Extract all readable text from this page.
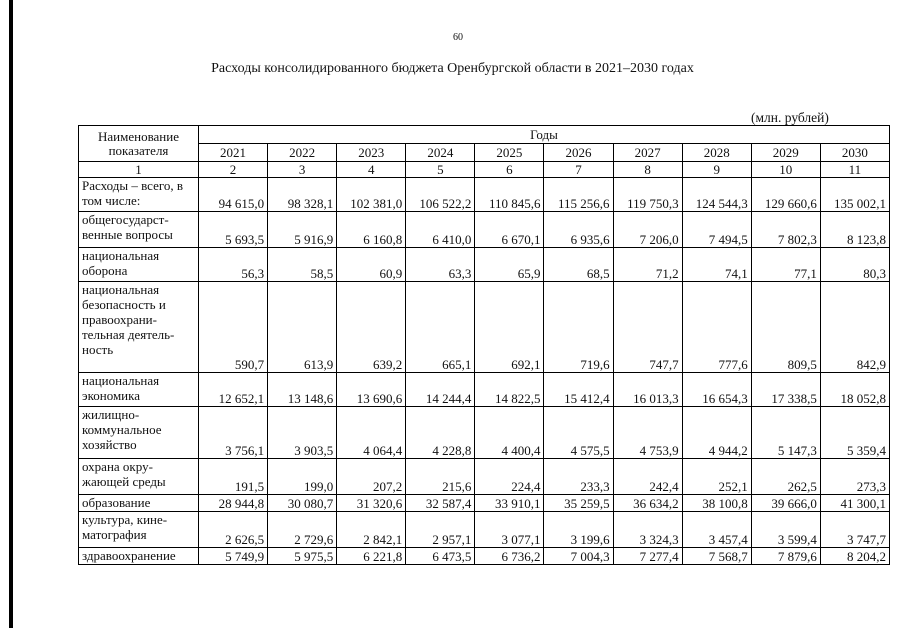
60
Расходы консолидированного бюджета Оренбургской области в 2021–2030 годах
(млн. рублей)
Наименование показателя	Годы									
	2021	2022	2023	2024	2025	2026	2027	2028	2029	2030
1	2	3	4	5	6	7	8	9	10	11
Расходы – всего, в том числе:	94 615,0	98 328,1	102 381,0	106 522,2	110 845,6	115 256,6	119 750,3	124 544,3	129 660,6	135 002,1
общегосударст-венные вопросы	5 693,5	5 916,9	6 160,8	6 410,0	6 670,1	6 935,6	7 206,0	7 494,5	7 802,3	8 123,8
национальная оборона	56,3	58,5	60,9	63,3	65,9	68,5	71,2	74,1	77,1	80,3
национальная безопасность и правоохрани-тельная деятель-ность	590,7	613,9	639,2	665,1	692,1	719,6	747,7	777,6	809,5	842,9
национальная экономика	12 652,1	13 148,6	13 690,6	14 244,4	14 822,5	15 412,4	16 013,3	16 654,3	17 338,5	18 052,8
жилищно-коммунальное хозяйство	3 756,1	3 903,5	4 064,4	4 228,8	4 400,4	4 575,5	4 753,9	4 944,2	5 147,3	5 359,4
охрана окру-жающей среды	191,5	199,0	207,2	215,6	224,4	233,3	242,4	252,1	262,5	273,3
образование	28 944,8	30 080,7	31 320,6	32 587,4	33 910,1	35 259,5	36 634,2	38 100,8	39 666,0	41 300,1
культура, кине-матография	2 626,5	2 729,6	2 842,1	2 957,1	3 077,1	3 199,6	3 324,3	3 457,4	3 599,4	3 747,7
здравоохранение	5 749,9	5 975,5	6 221,8	6 473,5	6 736,2	7 004,3	7 277,4	7 568,7	7 879,6	8 204,2
